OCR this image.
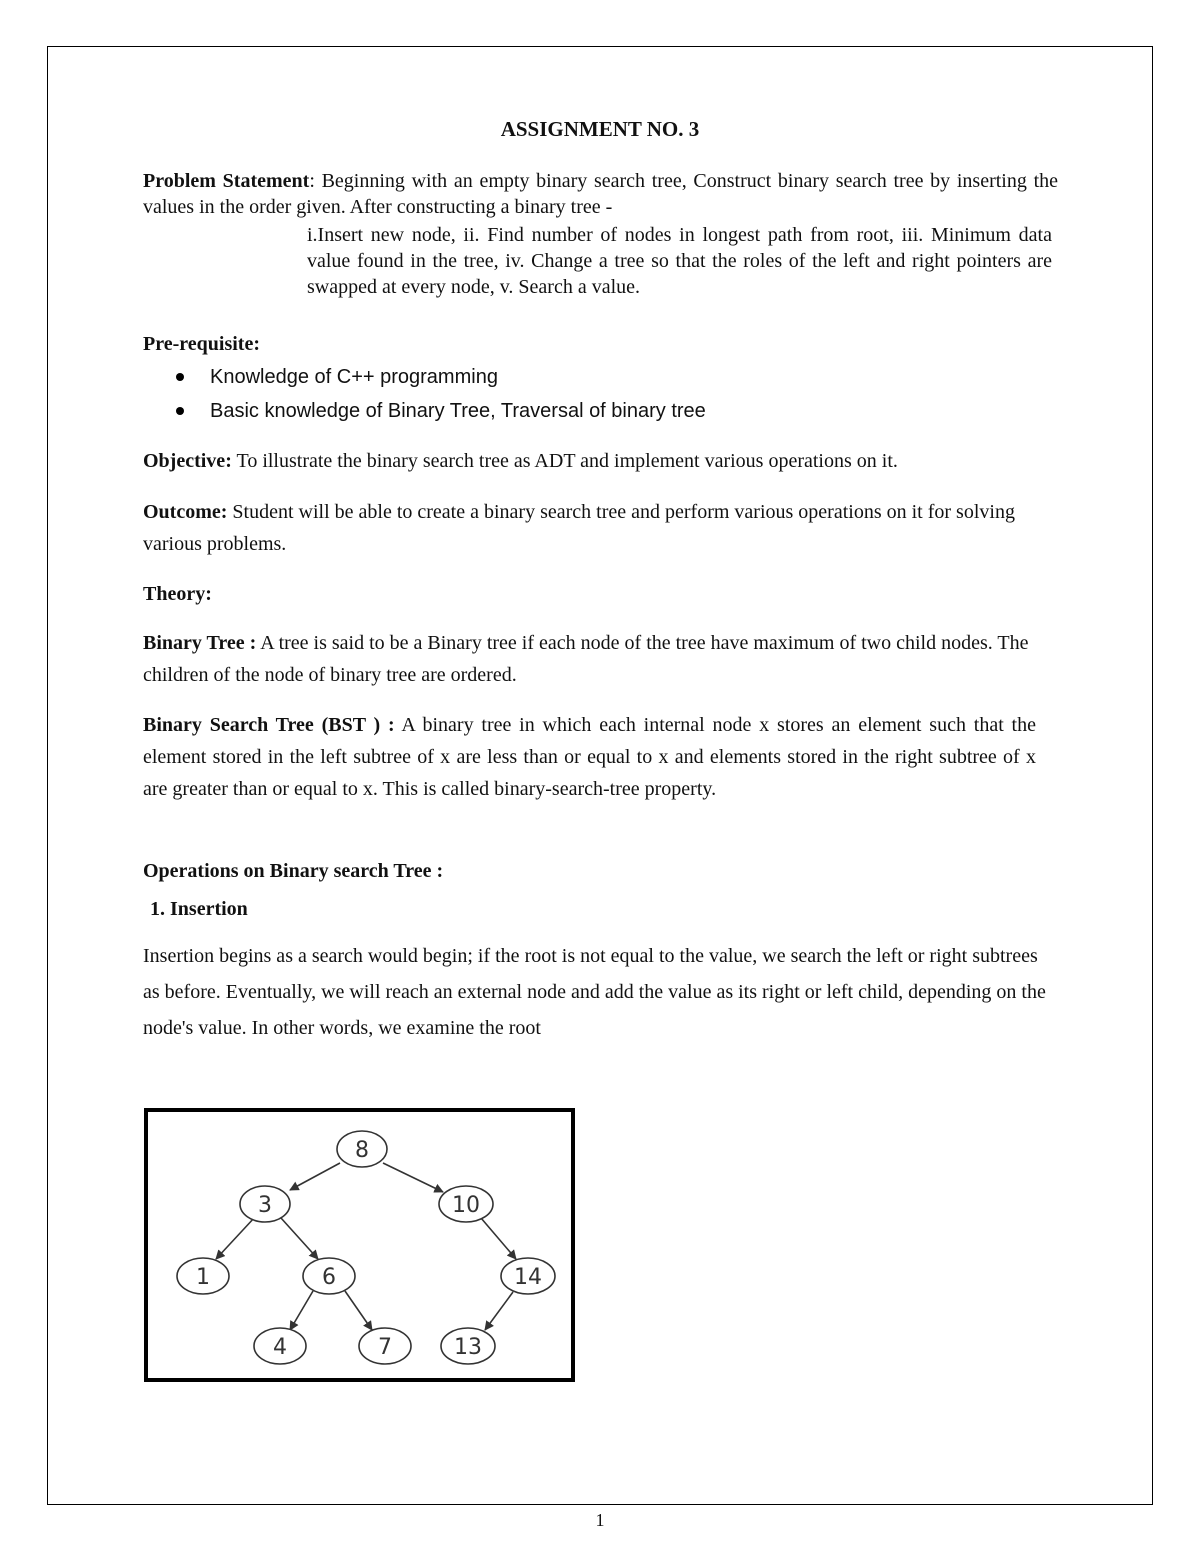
ASSIGNMENT NO. 3

Problem Statement: Beginning with an empty binary search tree, Construct binary search tree by inserting the values in the order given. After constructing a binary tree -

i.Insert new node, ii. Find number of nodes in longest path from root, iii. Minimum data value found in the tree, iv. Change a tree so that the roles of the left and right pointers are swapped at every node, v. Search a value.

Pre-requisite:

Knowledge of C++ programming
Basic knowledge of Binary Tree, Traversal of binary tree

Objective: To illustrate the binary search tree as ADT and implement various operations on it.

Outcome: Student will be able to create a binary search tree and perform various operations on it for solving various problems.

Theory:

Binary Tree : A tree is said to be a Binary tree if each node of the tree have maximum of two child nodes. The children of the node of binary tree are ordered.

Binary Search Tree (BST ) : A binary tree in which each internal node x stores an element such that the element stored in the left subtree of x are less than or equal to x and elements stored in the right subtree of x are greater than or equal to x. This is called binary-search-tree property.

Operations on Binary search Tree :

1. Insertion

Insertion begins as a search would begin; if the root is not equal to the value, we search the left or right subtrees as before. Eventually, we will reach an external node and add the value as its right or left child, depending on the node's value. In other words, we examine the root

8
3	10
1	6	14
4	7	13
1
